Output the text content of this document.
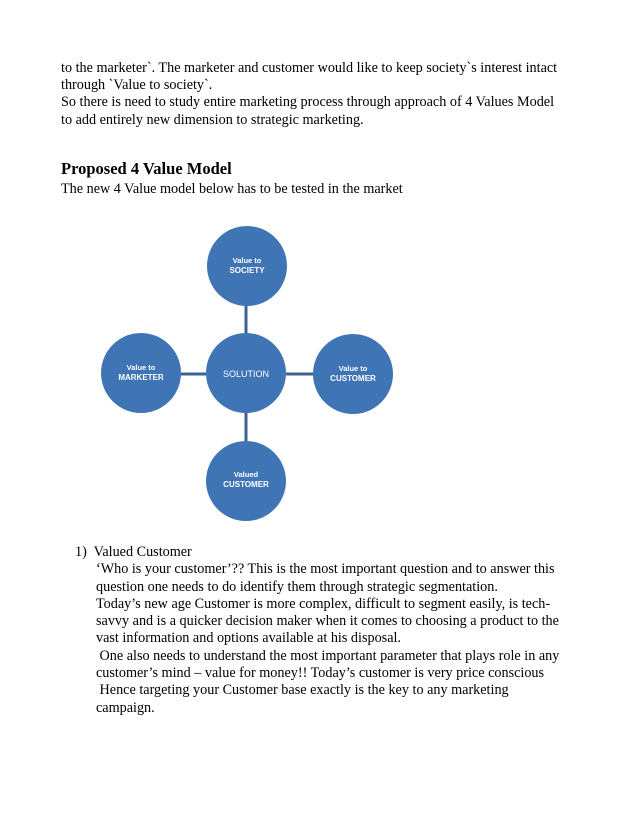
to the marketer`. The marketer and customer would like to keep society`s interest intact

through `Value to society`.

So there is need to study entire marketing process through approach of 4 Values Model

to add entirely new dimension to strategic marketing.

Proposed 4 Value Model

The new 4 Value model below has to be tested in the market

Value to
SOCIETY
Value to
MARKETER	SOLUTION
Value to
CUSTOMER
Valued
CUSTOMER

1) Valued Customer

‘Who is your customer’?? This is the most important question and to answer this

question one needs to do identify them through strategic segmentation.

Today’s new age Customer is more complex, difficult to segment easily, is tech-

savvy and is a quicker decision maker when it comes to choosing a product to the

vast information and options available at his disposal.

One also needs to understand the most important parameter that plays role in any

customer’s mind – value for money!! Today’s customer is very price conscious

Hence targeting your Customer base exactly is the key to any marketing

campaign.
